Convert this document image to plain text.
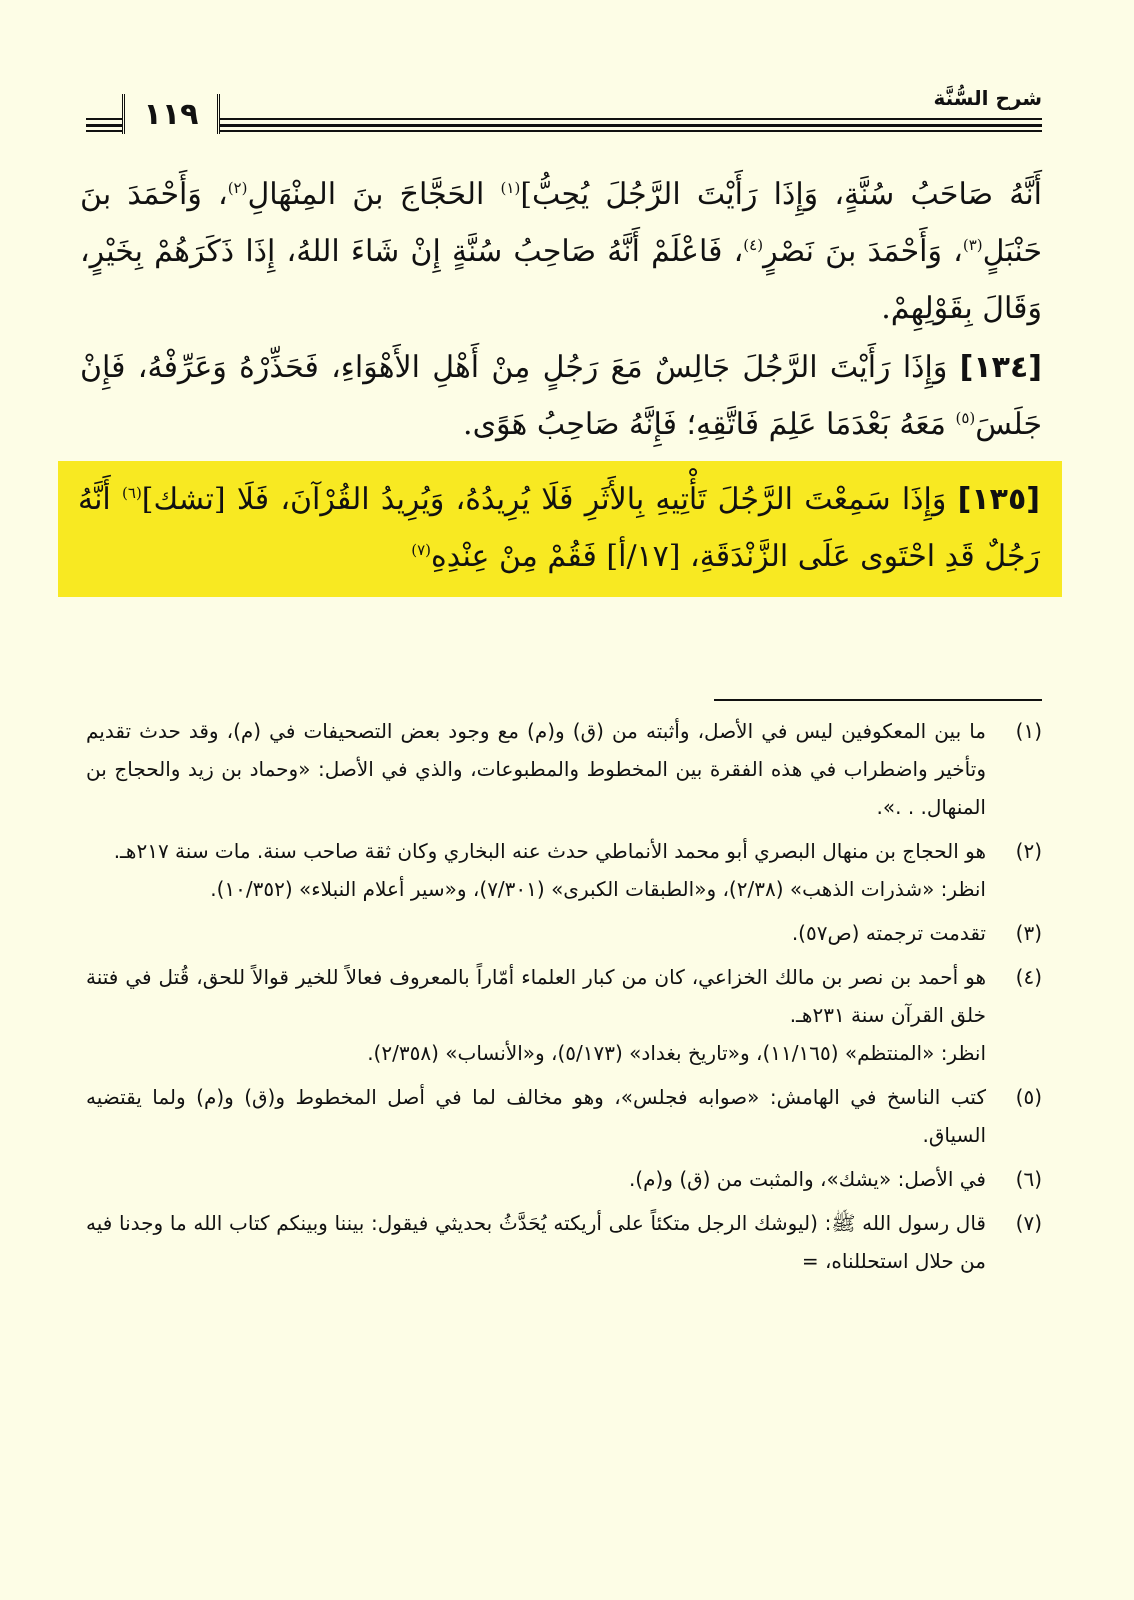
شرح السُّنَّة
١١٩

أَنَّهُ صَاحَبُ سُنَّةٍ، وَإِذَا رَأَيْتَ الرَّجُلَ يُحِبُّ]$^{(١)}$ الحَجَّاجَ بنَ المِنْهَالِ$^{(٢)}$، وَأَحْمَدَ بنَ حَنْبَلٍ$^{(٣)}$، وَأَحْمَدَ بنَ نَصْرٍ$^{(٤)}$، فَاعْلَمْ أَنَّهُ صَاحِبُ سُنَّةٍ إِنْ شَاءَ اللهُ، إِذَا ذَكَرَهُمْ بِخَيْرٍ، وَقَالَ بِقَوْلِهِمْ.

[١٣٤] وَإِذَا رَأَيْتَ الرَّجُلَ جَالِسٌ مَعَ رَجُلٍ مِنْ أَهْلِ الأَهْوَاءِ، فَحَذِّرْهُ وَعَرِّفْهُ، فَإِنْ جَلَسَ$^{(٥)}$ مَعَهُ بَعْدَمَا عَلِمَ فَاتَّقِهِ؛ فَإِنَّهُ صَاحِبُ هَوًى.

[١٣٥] وَإِذَا سَمِعْتَ الرَّجُلَ تَأْتِيهِ بِالأَثَرِ فَلَا يُرِيدُهُ، وَيُرِيدُ القُرْآنَ، فَلَا [تشك]$^{(٦)}$ أَنَّهُ رَجُلٌ قَدِ احْتَوى عَلَى الزَّنْدَقَةِ، [١٧/أ] فَقُمْ مِنْ عِنْدِهِ$^{(٧)}$

(١)
ما بين المعكوفين ليس في الأصل، وأثبته من (ق) و(م) مع وجود بعض التصحيفات في (م)، وقد حدث تقديم وتأخير واضطراب في هذه الفقرة بين المخطوط والمطبوعات، والذي في الأصل: «وحماد بن زيد والحجاج بن المنهال. . .».
(٢)
هو الحجاج بن منهال البصري أبو محمد الأنماطي حدث عنه البخاري وكان ثقة صاحب سنة. مات سنة ٢١٧هـ.
انظر: «شذرات الذهب» (٢/٣٨)، و«الطبقات الكبرى» (٧/٣٠١)، و«سير أعلام النبلاء» (١٠/٣٥٢).
(٣)
تقدمت ترجمته (ص٥٧).
(٤)
هو أحمد بن نصر بن مالك الخزاعي، كان من كبار العلماء أمّاراً بالمعروف فعالاً للخير قوالاً للحق، قُتل في فتنة خلق القرآن سنة ٢٣١هـ.
انظر: «المنتظم» (١١/١٦٥)، و«تاريخ بغداد» (٥/١٧٣)، و«الأنساب» (٢/٣٥٨).
(٥)
كتب الناسخ في الهامش: «صوابه فجلس»، وهو مخالف لما في أصل المخطوط و(ق) و(م) ولما يقتضيه السياق.
(٦)
في الأصل: «يشك»، والمثبت من (ق) و(م).
(٧)
قال رسول الله ﷺ: (ليوشك الرجل متكئاً على أريكته يُحَدَّثُ بحديثي فيقول: بيننا وبينكم كتاب الله ما وجدنا فيه من حلال استحللناه، =
